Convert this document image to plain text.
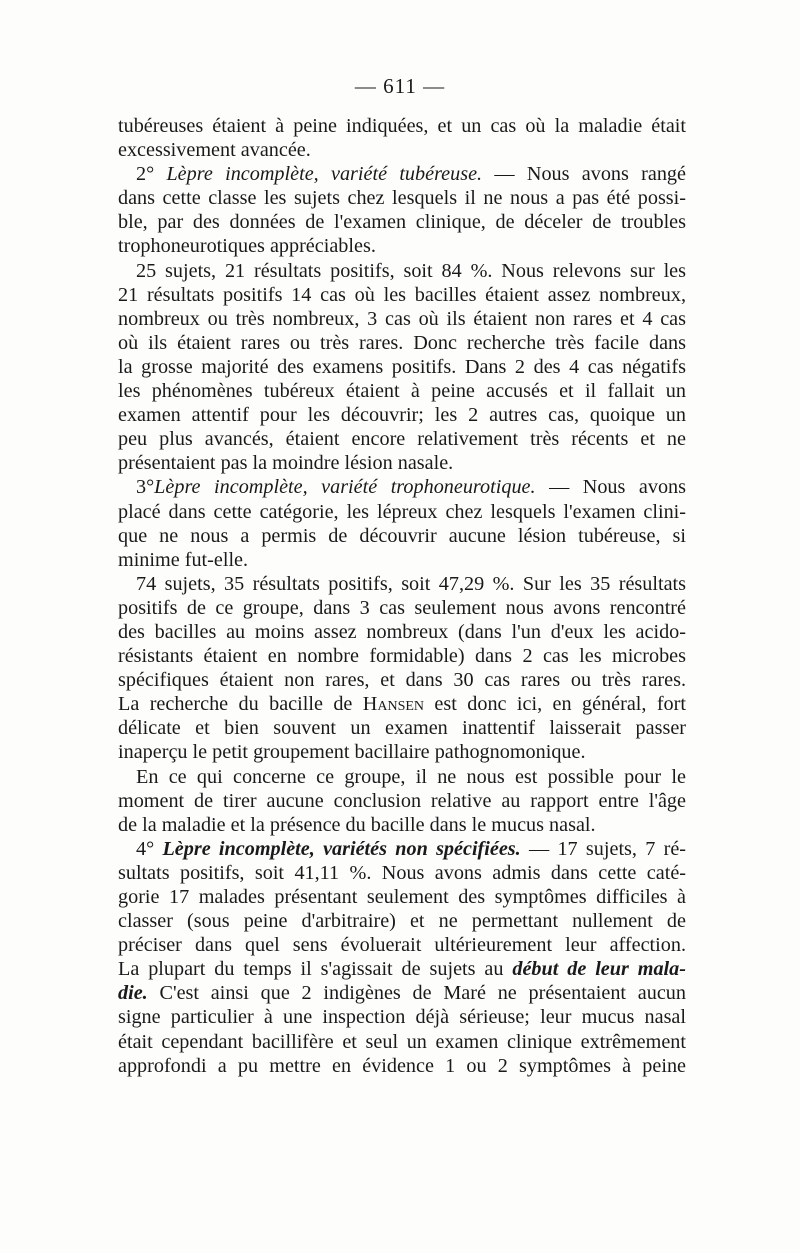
— 611 —
tubéreuses étaient à peine indiquées, et un cas où la maladie était
excessivement avancée.
2° Lèpre incomplète, variété tubéreuse. — Nous avons rangé
dans cette classe les sujets chez lesquels il ne nous a pas été possi-
ble, par des données de l'examen clinique, de déceler de troubles
trophoneurotiques appréciables.
25 sujets, 21 résultats positifs, soit 84 %. Nous relevons sur les
21 résultats positifs 14 cas où les bacilles étaient assez nombreux,
nombreux ou très nombreux, 3 cas où ils étaient non rares et 4 cas
où ils étaient rares ou très rares. Donc recherche très facile dans
la grosse majorité des examens positifs. Dans 2 des 4 cas négatifs
les phénomènes tubéreux étaient à peine accusés et il fallait un
examen attentif pour les découvrir; les 2 autres cas, quoique un
peu plus avancés, étaient encore relativement très récents et ne
présentaient pas la moindre lésion nasale.
3°Lèpre incomplète, variété trophoneurotique. — Nous avons
placé dans cette catégorie, les lépreux chez lesquels l'examen clini-
que ne nous a permis de découvrir aucune lésion tubéreuse, si
minime fut-elle.
74 sujets, 35 résultats positifs, soit 47,29 %. Sur les 35 résultats
positifs de ce groupe, dans 3 cas seulement nous avons rencontré
des bacilles au moins assez nombreux (dans l'un d'eux les acido-
résistants étaient en nombre formidable) dans 2 cas les microbes
spécifiques étaient non rares, et dans 30 cas rares ou très rares.
La recherche du bacille de Hansen est donc ici, en général, fort
délicate et bien souvent un examen inattentif laisserait passer
inaperçu le petit groupement bacillaire pathognomonique.
En ce qui concerne ce groupe, il ne nous est possible pour le
moment de tirer aucune conclusion relative au rapport entre l'âge
de la maladie et la présence du bacille dans le mucus nasal.
4° Lèpre incomplète, variétés non spécifiées. — 17 sujets, 7 ré-
sultats positifs, soit 41,11 %. Nous avons admis dans cette caté-
gorie 17 malades présentant seulement des symptômes difficiles à
classer (sous peine d'arbitraire) et ne permettant nullement de
préciser dans quel sens évoluerait ultérieurement leur affection.
La plupart du temps il s'agissait de sujets au début de leur mala-
die. C'est ainsi que 2 indigènes de Maré ne présentaient aucun
signe particulier à une inspection déjà sérieuse; leur mucus nasal
était cependant bacillifère et seul un examen clinique extrêmement
approfondi a pu mettre en évidence 1 ou 2 symptômes à peine
